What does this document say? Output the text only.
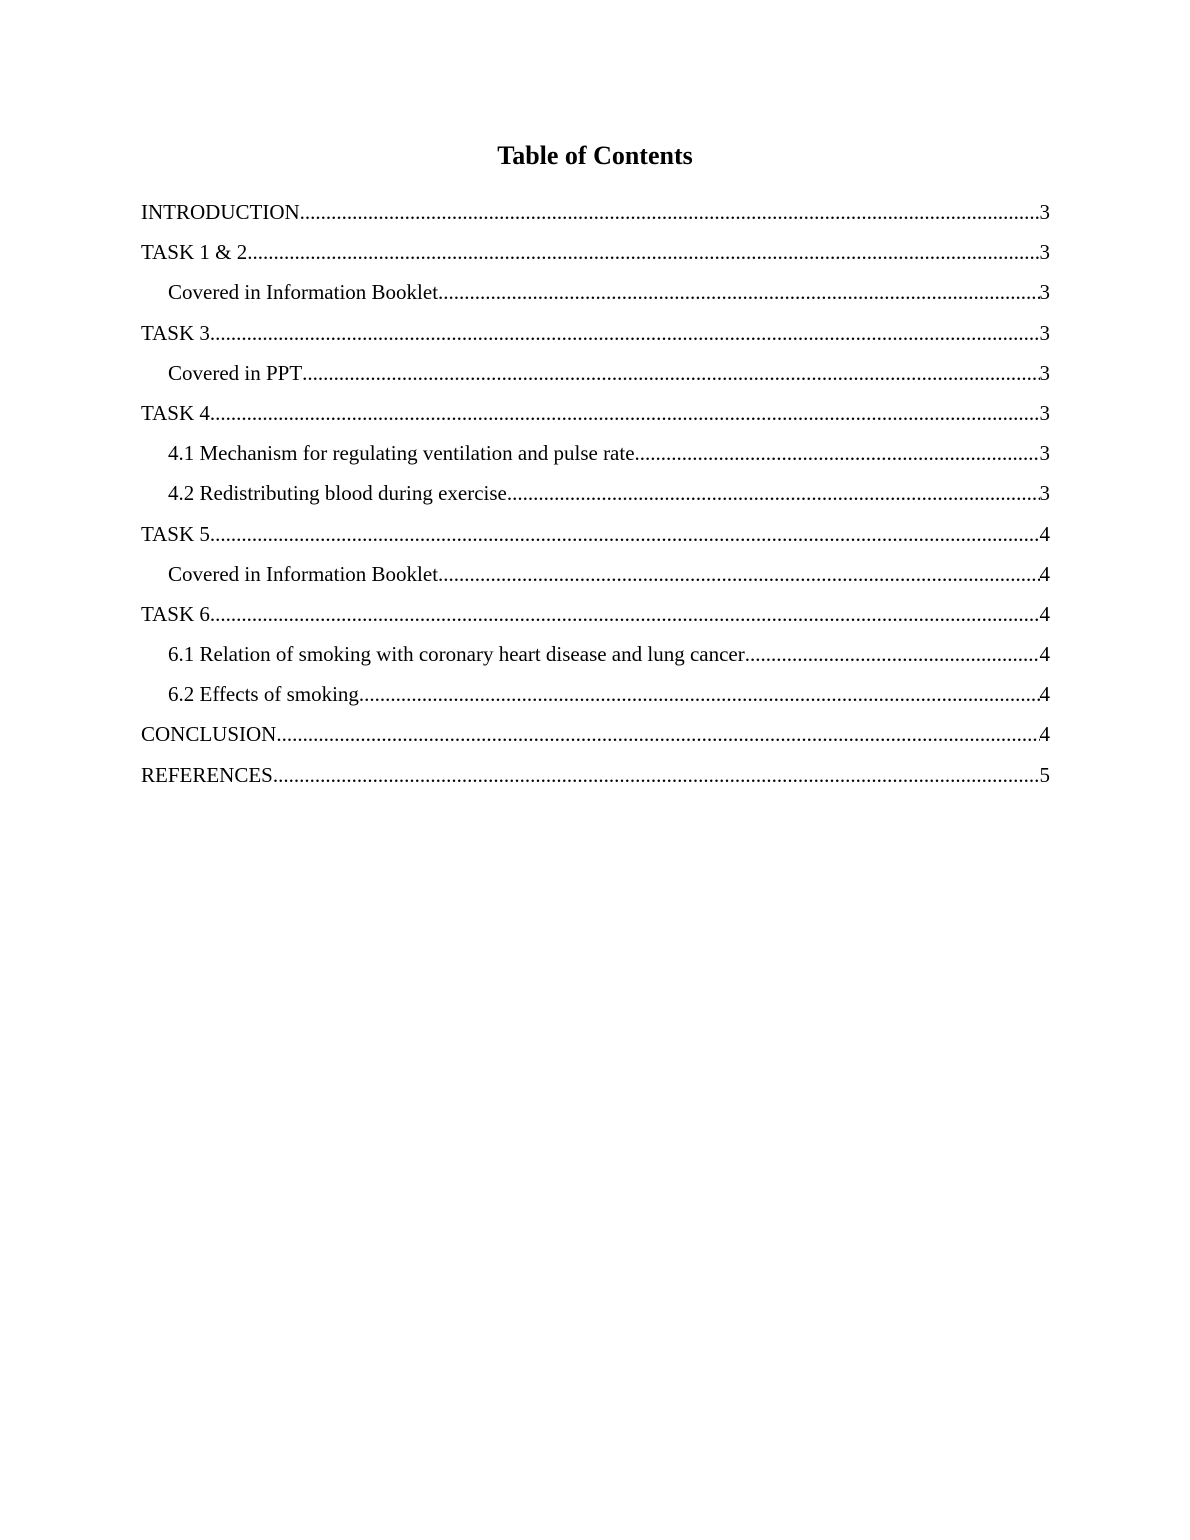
Table of Contents
INTRODUCTION .....	3
TASK 1 & 2 .....	3
Covered in Information Booklet .....	3
TASK 3 .....	3
Covered in PPT .....	3
TASK 4 .....	3
4.1 Mechanism for regulating ventilation and pulse rate .....	3
4.2 Redistributing blood during exercise .....	3
TASK 5 .....	4
Covered in Information Booklet .....	4
TASK 6 .....	4
6.1 Relation of smoking with coronary heart disease and lung cancer .....	4
6.2 Effects of smoking .....	4
CONCLUSION .....	4
REFERENCES .....	5
